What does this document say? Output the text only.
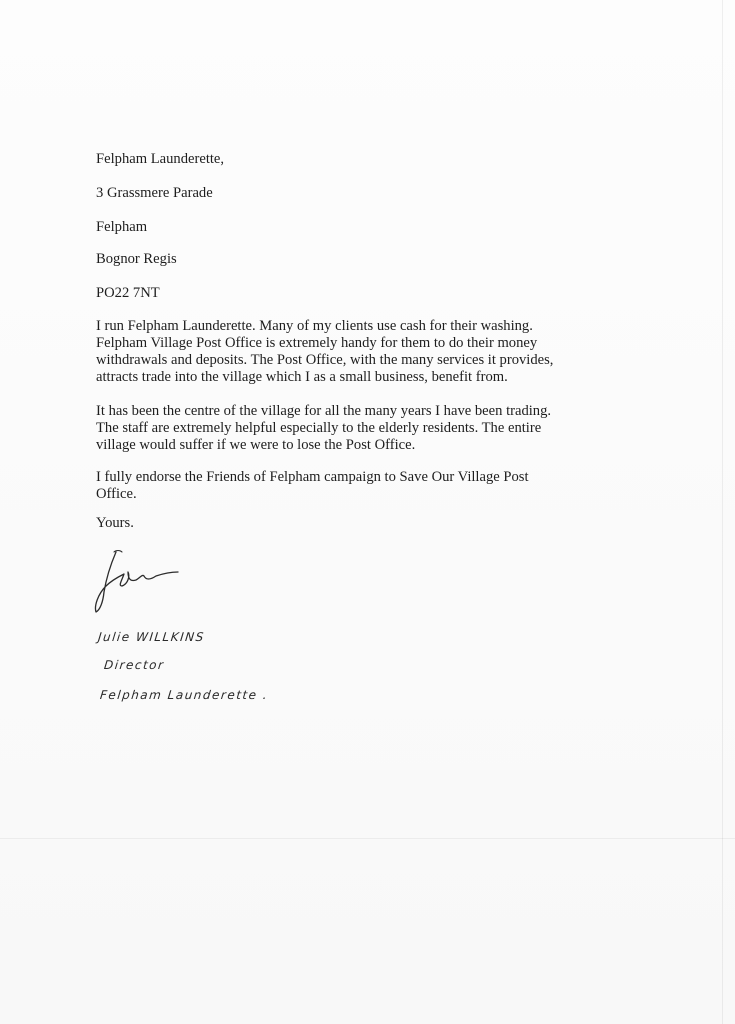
Felpham Launderette,
3 Grassmere Parade
Felpham
Bognor Regis
PO22 7NT
I run Felpham Launderette. Many of my clients use cash for their washing.
Felpham Village Post Office is extremely handy for them to do their money
withdrawals and deposits. The Post Office, with the many services it provides,
attracts trade into the village which I as a small business, benefit from.
It has been the centre of the village for all the many years I have been trading.
The staff are extremely helpful especially to the elderly residents. The entire
village would suffer if we were to lose the Post Office.
I fully endorse the Friends of Felpham campaign to Save Our Village Post
Office.
Yours.
Julie WILLKINS
Director
Felpham Launderette .
